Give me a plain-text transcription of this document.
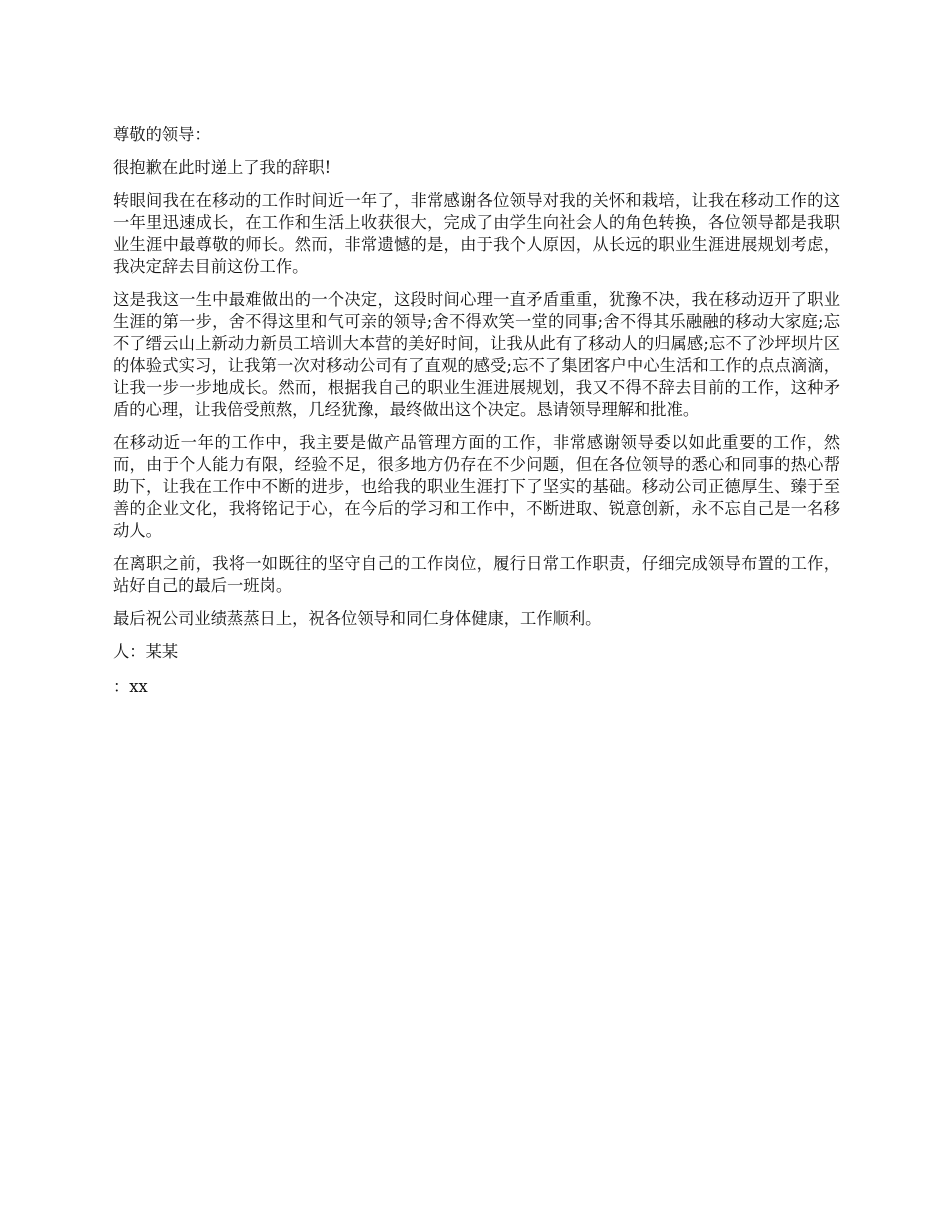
尊敬的领导：

很抱歉在此时递上了我的辞职!

转眼间我在在移动的工作时间近一年了，非常感谢各位领导对我的关怀和栽培，让我在移动工作的这一年里迅速成长，在工作和生活上收获很大，完成了由学生向社会人的角色转换，各位领导都是我职业生涯中最尊敬的师长。然而，非常遗憾的是，由于我个人原因，从长远的职业生涯进展规划考虑，我决定辞去目前这份工作。

这是我这一生中最难做出的一个决定，这段时间心理一直矛盾重重，犹豫不决，我在移动迈开了职业生涯的第一步，舍不得这里和气可亲的领导;舍不得欢笑一堂的同事;舍不得其乐融融的移动大家庭;忘不了缙云山上新动力新员工培训大本营的美好时间，让我从此有了移动人的归属感;忘不了沙坪坝片区的体验式实习，让我第一次对移动公司有了直观的感受;忘不了集团客户中心生活和工作的点点滴滴，让我一步一步地成长。然而，根据我自己的职业生涯进展规划，我又不得不辞去目前的工作，这种矛盾的心理，让我倍受煎熬，几经犹豫，最终做出这个决定。恳请领导理解和批准。

在移动近一年的工作中，我主要是做产品管理方面的工作，非常感谢领导委以如此重要的工作，然而，由于个人能力有限，经验不足，很多地方仍存在不少问题，但在各位领导的悉心和同事的热心帮助下，让我在工作中不断的进步，也给我的职业生涯打下了坚实的基础。移动公司正德厚生、臻于至善的企业文化，我将铭记于心，在今后的学习和工作中，不断进取、锐意创新，永不忘自己是一名移动人。

在离职之前，我将一如既往的坚守自己的工作岗位，履行日常工作职责，仔细完成领导布置的工作，站好自己的最后一班岗。

最后祝公司业绩蒸蒸日上，祝各位领导和同仁身体健康，工作顺利。

人：某某

：xx
